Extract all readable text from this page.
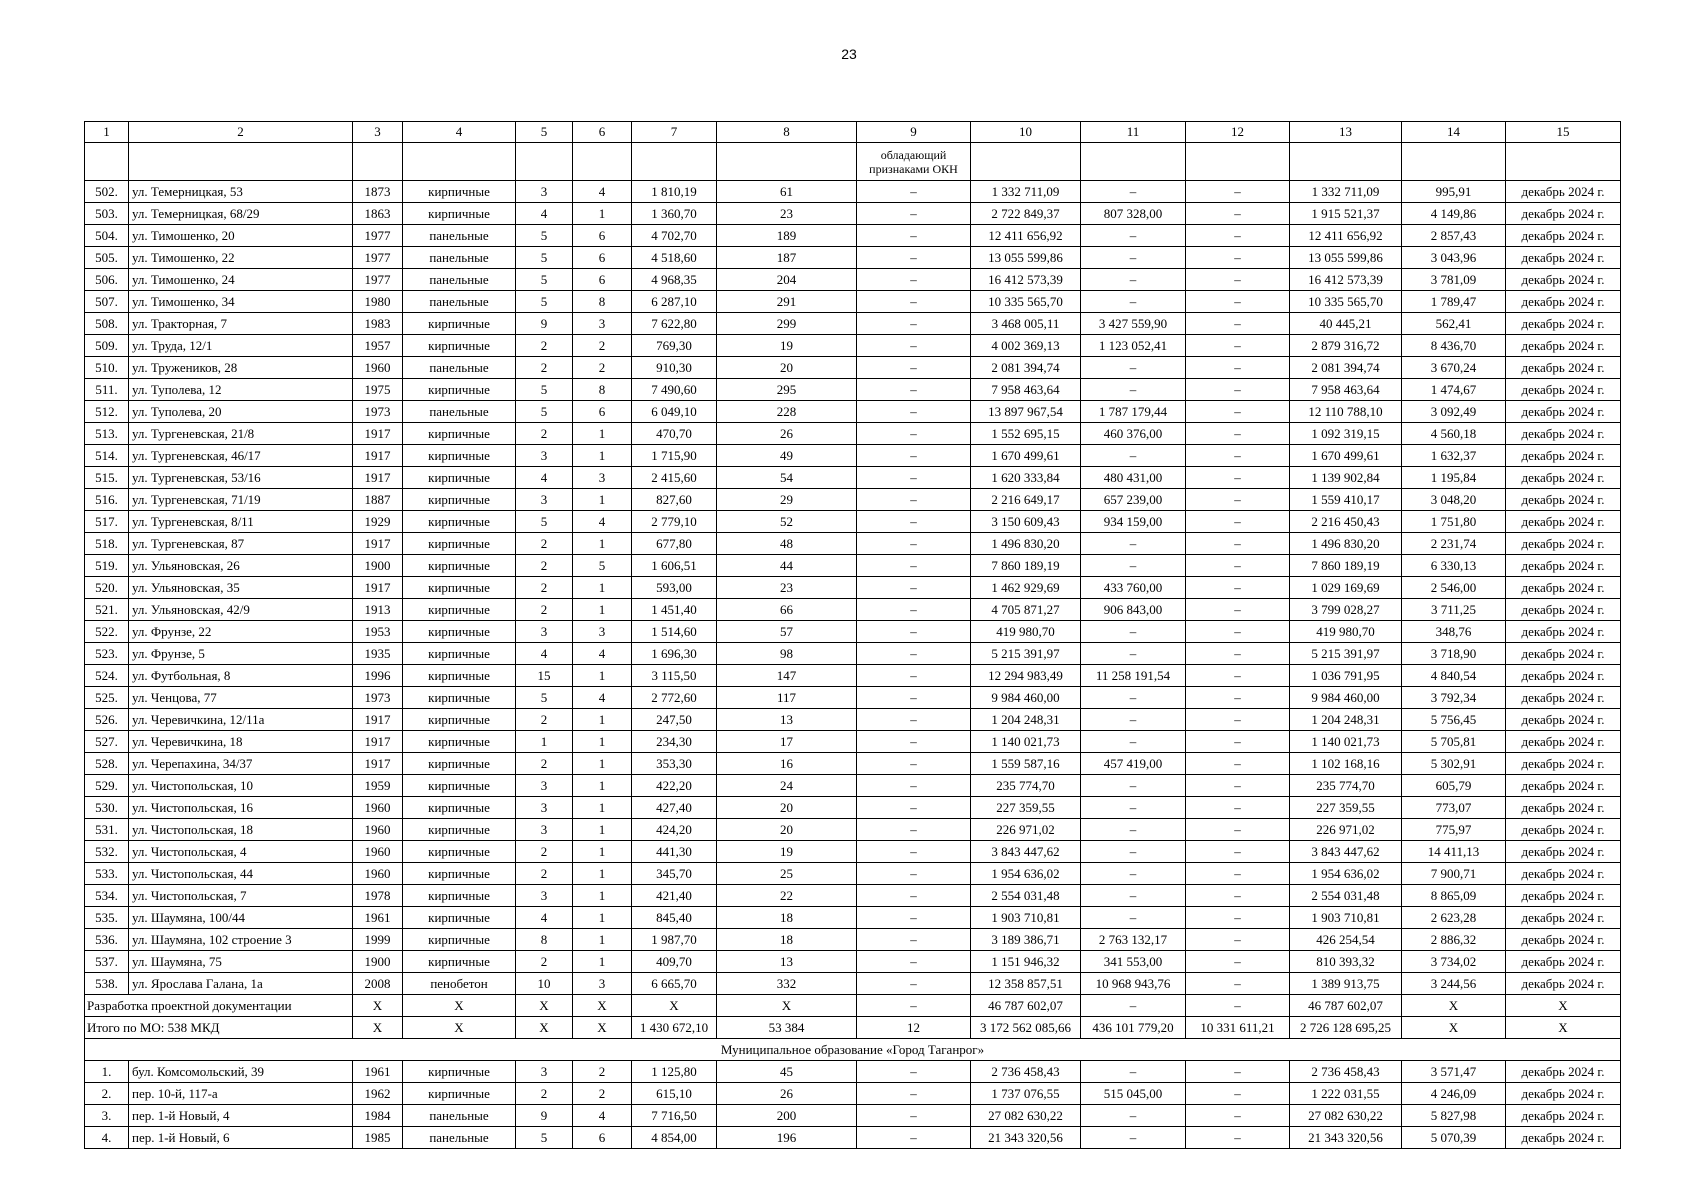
23
1	2	3	4	5	6	7	8	9	10	11	12	13	14	15
								обладающий признаками ОКН						
502.	ул. Темерницкая, 53	1873	кирпичные	3	4	1 810,19	61	–	1 332 711,09	–	–	1 332 711,09	995,91	декабрь 2024 г.
503.	ул. Темерницкая, 68/29	1863	кирпичные	4	1	1 360,70	23	–	2 722 849,37	807 328,00	–	1 915 521,37	4 149,86	декабрь 2024 г.
504.	ул. Тимошенко, 20	1977	панельные	5	6	4 702,70	189	–	12 411 656,92	–	–	12 411 656,92	2 857,43	декабрь 2024 г.
505.	ул. Тимошенко, 22	1977	панельные	5	6	4 518,60	187	–	13 055 599,86	–	–	13 055 599,86	3 043,96	декабрь 2024 г.
506.	ул. Тимошенко, 24	1977	панельные	5	6	4 968,35	204	–	16 412 573,39	–	–	16 412 573,39	3 781,09	декабрь 2024 г.
507.	ул. Тимошенко, 34	1980	панельные	5	8	6 287,10	291	–	10 335 565,70	–	–	10 335 565,70	1 789,47	декабрь 2024 г.
508.	ул. Тракторная, 7	1983	кирпичные	9	3	7 622,80	299	–	3 468 005,11	3 427 559,90	–	40 445,21	562,41	декабрь 2024 г.
509.	ул. Труда, 12/1	1957	кирпичные	2	2	769,30	19	–	4 002 369,13	1 123 052,41	–	2 879 316,72	8 436,70	декабрь 2024 г.
510.	ул. Тружеников, 28	1960	панельные	2	2	910,30	20	–	2 081 394,74	–	–	2 081 394,74	3 670,24	декабрь 2024 г.
511.	ул. Туполева, 12	1975	кирпичные	5	8	7 490,60	295	–	7 958 463,64	–	–	7 958 463,64	1 474,67	декабрь 2024 г.
512.	ул. Туполева, 20	1973	панельные	5	6	6 049,10	228	–	13 897 967,54	1 787 179,44	–	12 110 788,10	3 092,49	декабрь 2024 г.
513.	ул. Тургеневская, 21/8	1917	кирпичные	2	1	470,70	26	–	1 552 695,15	460 376,00	–	1 092 319,15	4 560,18	декабрь 2024 г.
514.	ул. Тургеневская, 46/17	1917	кирпичные	3	1	1 715,90	49	–	1 670 499,61	–	–	1 670 499,61	1 632,37	декабрь 2024 г.
515.	ул. Тургеневская, 53/16	1917	кирпичные	4	3	2 415,60	54	–	1 620 333,84	480 431,00	–	1 139 902,84	1 195,84	декабрь 2024 г.
516.	ул. Тургеневская, 71/19	1887	кирпичные	3	1	827,60	29	–	2 216 649,17	657 239,00	–	1 559 410,17	3 048,20	декабрь 2024 г.
517.	ул. Тургеневская, 8/11	1929	кирпичные	5	4	2 779,10	52	–	3 150 609,43	934 159,00	–	2 216 450,43	1 751,80	декабрь 2024 г.
518.	ул. Тургеневская, 87	1917	кирпичные	2	1	677,80	48	–	1 496 830,20	–	–	1 496 830,20	2 231,74	декабрь 2024 г.
519.	ул. Ульяновская, 26	1900	кирпичные	2	5	1 606,51	44	–	7 860 189,19	–	–	7 860 189,19	6 330,13	декабрь 2024 г.
520.	ул. Ульяновская, 35	1917	кирпичные	2	1	593,00	23	–	1 462 929,69	433 760,00	–	1 029 169,69	2 546,00	декабрь 2024 г.
521.	ул. Ульяновская, 42/9	1913	кирпичные	2	1	1 451,40	66	–	4 705 871,27	906 843,00	–	3 799 028,27	3 711,25	декабрь 2024 г.
522.	ул. Фрунзе, 22	1953	кирпичные	3	3	1 514,60	57	–	419 980,70	–	–	419 980,70	348,76	декабрь 2024 г.
523.	ул. Фрунзе, 5	1935	кирпичные	4	4	1 696,30	98	–	5 215 391,97	–	–	5 215 391,97	3 718,90	декабрь 2024 г.
524.	ул. Футбольная, 8	1996	кирпичные	15	1	3 115,50	147	–	12 294 983,49	11 258 191,54	–	1 036 791,95	4 840,54	декабрь 2024 г.
525.	ул. Ченцова, 77	1973	кирпичные	5	4	2 772,60	117	–	9 984 460,00	–	–	9 984 460,00	3 792,34	декабрь 2024 г.
526.	ул. Черевичкина, 12/11а	1917	кирпичные	2	1	247,50	13	–	1 204 248,31	–	–	1 204 248,31	5 756,45	декабрь 2024 г.
527.	ул. Черевичкина, 18	1917	кирпичные	1	1	234,30	17	–	1 140 021,73	–	–	1 140 021,73	5 705,81	декабрь 2024 г.
528.	ул. Черепахина, 34/37	1917	кирпичные	2	1	353,30	16	–	1 559 587,16	457 419,00	–	1 102 168,16	5 302,91	декабрь 2024 г.
529.	ул. Чистопольская, 10	1959	кирпичные	3	1	422,20	24	–	235 774,70	–	–	235 774,70	605,79	декабрь 2024 г.
530.	ул. Чистопольская, 16	1960	кирпичные	3	1	427,40	20	–	227 359,55	–	–	227 359,55	773,07	декабрь 2024 г.
531.	ул. Чистопольская, 18	1960	кирпичные	3	1	424,20	20	–	226 971,02	–	–	226 971,02	775,97	декабрь 2024 г.
532.	ул. Чистопольская, 4	1960	кирпичные	2	1	441,30	19	–	3 843 447,62	–	–	3 843 447,62	14 411,13	декабрь 2024 г.
533.	ул. Чистопольская, 44	1960	кирпичные	2	1	345,70	25	–	1 954 636,02	–	–	1 954 636,02	7 900,71	декабрь 2024 г.
534.	ул. Чистопольская, 7	1978	кирпичные	3	1	421,40	22	–	2 554 031,48	–	–	2 554 031,48	8 865,09	декабрь 2024 г.
535.	ул. Шаумяна, 100/44	1961	кирпичные	4	1	845,40	18	–	1 903 710,81	–	–	1 903 710,81	2 623,28	декабрь 2024 г.
536.	ул. Шаумяна, 102 строение 3	1999	кирпичные	8	1	1 987,70	18	–	3 189 386,71	2 763 132,17	–	426 254,54	2 886,32	декабрь 2024 г.
537.	ул. Шаумяна, 75	1900	кирпичные	2	1	409,70	13	–	1 151 946,32	341 553,00	–	810 393,32	3 734,02	декабрь 2024 г.
538.	ул. Ярослава Галана, 1а	2008	пенобетон	10	3	6 665,70	332	–	12 358 857,51	10 968 943,76	–	1 389 913,75	3 244,56	декабрь 2024 г.
Разработка проектной документации		X	X	X	X	X	X	–	46 787 602,07	–	–	46 787 602,07	X	X
Итого по МО: 538 МКД		X	X	X	X	1 430 672,10	53 384	12	3 172 562 085,66	436 101 779,20	10 331 611,21	2 726 128 695,25	X	X
Муниципальное образование «Город Таганрог»														
1.	бул. Комсомольский, 39	1961	кирпичные	3	2	1 125,80	45	–	2 736 458,43	–	–	2 736 458,43	3 571,47	декабрь 2024 г.
2.	пер. 10-й, 117-а	1962	кирпичные	2	2	615,10	26	–	1 737 076,55	515 045,00	–	1 222 031,55	4 246,09	декабрь 2024 г.
3.	пер. 1-й Новый, 4	1984	панельные	9	4	7 716,50	200	–	27 082 630,22	–	–	27 082 630,22	5 827,98	декабрь 2024 г.
4.	пер. 1-й Новый, 6	1985	панельные	5	6	4 854,00	196	–	21 343 320,56	–	–	21 343 320,56	5 070,39	декабрь 2024 г.
